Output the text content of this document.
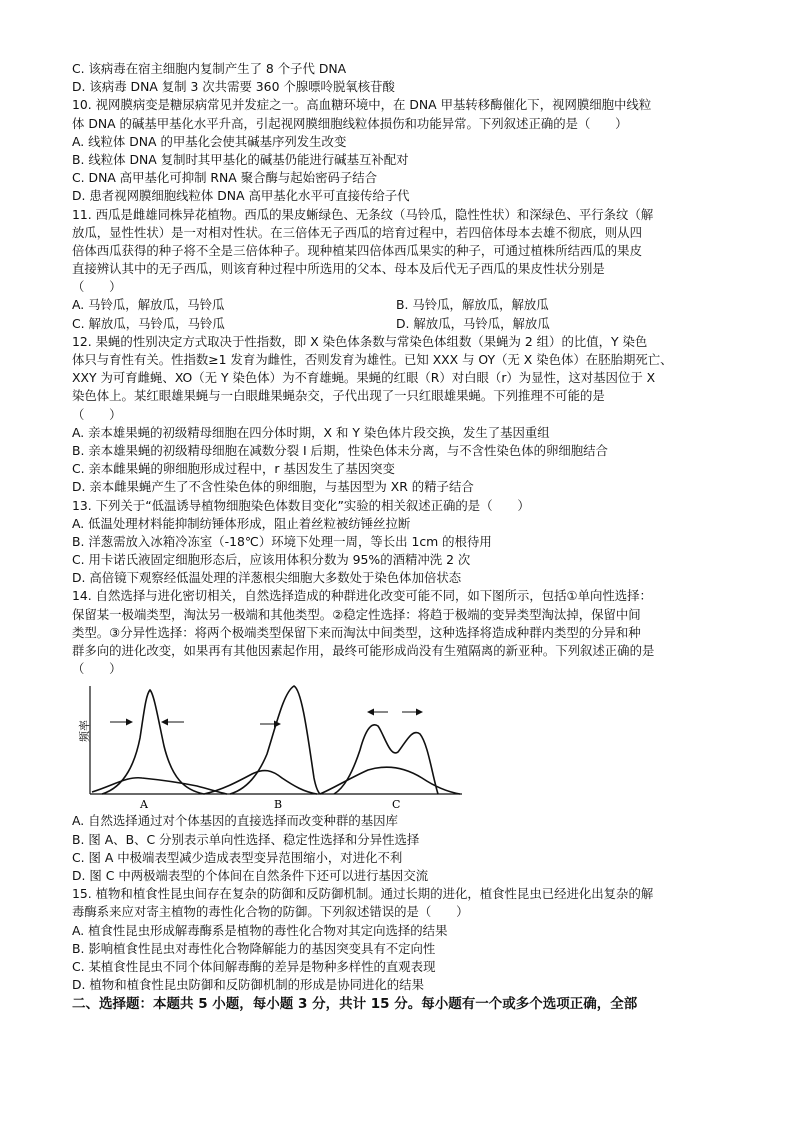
C. 该病毒在宿主细胞内复制产生了 8 个子代 DNA
D. 该病毒 DNA 复制 3 次共需要 360 个腺嘌呤脱氧核苷酸
10. 视网膜病变是糖尿病常见并发症之一。高血糖环境中，在 DNA 甲基转移酶催化下，视网膜细胞中线粒
体 DNA 的碱基甲基化水平升高，引起视网膜细胞线粒体损伤和功能异常。下列叙述正确的是（　　）
A. 线粒体 DNA 的甲基化会使其碱基序列发生改变
B. 线粒体 DNA 复制时其甲基化的碱基仍能进行碱基互补配对
C. DNA 高甲基化可抑制 RNA 聚合酶与起始密码子结合
D. 患者视网膜细胞线粒体 DNA 高甲基化水平可直接传给子代
11. 西瓜是雌雄同株异花植物。西瓜的果皮蜥绿色、无条纹（马铃瓜，隐性性状）和深绿色、平行条纹（解
放瓜，显性性状）是一对相对性状。在三倍体无子西瓜的培育过程中，若四倍体母本去雄不彻底，则从四
倍体西瓜获得的种子将不全是三倍体种子。现种植某四倍体西瓜果实的种子，可通过植株所结西瓜的果皮
直接辨认其中的无子西瓜，则该育种过程中所选用的父本、母本及后代无子西瓜的果皮性状分别是
（　　）
A. 马铃瓜，解放瓜，马铃瓜	B. 马铃瓜，解放瓜，解放瓜
C. 解放瓜，马铃瓜，马铃瓜	D. 解放瓜，马铃瓜，解放瓜
12. 果蝇的性别决定方式取决于性指数，即 X 染色体条数与常染色体组数（果蝇为 2 组）的比值，Y 染色
体只与育性有关。性指数≥1 发育为雌性，否则发育为雄性。已知 XXX 与 OY（无 X 染色体）在胚胎期死亡、
XXY 为可育雌蝇、XO（无 Y 染色体）为不育雄蝇。果蝇的红眼（R）对白眼（r）为显性，这对基因位于 X
染色体上。某红眼雄果蝇与一白眼雌果蝇杂交，子代出现了一只红眼雄果蝇。下列推理不可能的是
（　　）
A. 亲本雄果蝇的初级精母细胞在四分体时期，X 和 Y 染色体片段交换，发生了基因重组
B. 亲本雄果蝇的初级精母细胞在减数分裂 I 后期，性染色体未分离，与不含性染色体的卵细胞结合
C. 亲本雌果蝇的卵细胞形成过程中，r 基因发生了基因突变
D. 亲本雌果蝇产生了不含性染色体的卵细胞，与基因型为 XR 的精子结合
13. 下列关于“低温诱导植物细胞染色体数目变化”实验的相关叙述正确的是（　　）
A. 低温处理材料能抑制纺锤体形成，阻止着丝粒被纺锤丝拉断
B. 洋葱需放入冰箱冷冻室（-18℃）环境下处理一周，等长出 1cm 的根待用
C. 用卡诺氏液固定细胞形态后，应该用体积分数为 95%的酒精冲洗 2 次
D. 高倍镜下观察经低温处理的洋葱根尖细胞大多数处于染色体加倍状态
14. 自然选择与进化密切相关，自然选择造成的种群进化改变可能不同，如下图所示，包括①单向性选择：
保留某一极端类型，淘汰另一极端和其他类型。②稳定性选择：将趋于极端的变异类型淘汰掉，保留中间
类型。③分异性选择：将两个极端类型保留下来而淘汰中间类型，这种选择将造成种群内类型的分异和种
群多向的进化改变，如果再有其他因素起作用，最终可能形成尚没有生殖隔离的新亚种。下列叙述正确的是
（　　）
频率
A	B	C
A. 自然选择通过对个体基因的直接选择而改变种群的基因库
B. 图 A、B、C 分别表示单向性选择、稳定性选择和分异性选择
C. 图 A 中极端表型减少造成表型变异范围缩小，对进化不利
D. 图 C 中两极端表型的个体间在自然条件下还可以进行基因交流
15. 植物和植食性昆虫间存在复杂的防御和反防御机制。通过长期的进化，植食性昆虫已经进化出复杂的解
毒酶系来应对寄主植物的毒性化合物的防御。下列叙述错误的是（　　）
A. 植食性昆虫形成解毒酶系是植物的毒性化合物对其定向选择的结果
B. 影响植食性昆虫对毒性化合物降解能力的基因突变具有不定向性
C. 某植食性昆虫不同个体间解毒酶的差异是物种多样性的直观表现
D. 植物和植食性昆虫防御和反防御机制的形成是协同进化的结果
二、选择题：本题共 5 小题，每小题 3 分，共计 15 分。每小题有一个或多个选项正确，全部
